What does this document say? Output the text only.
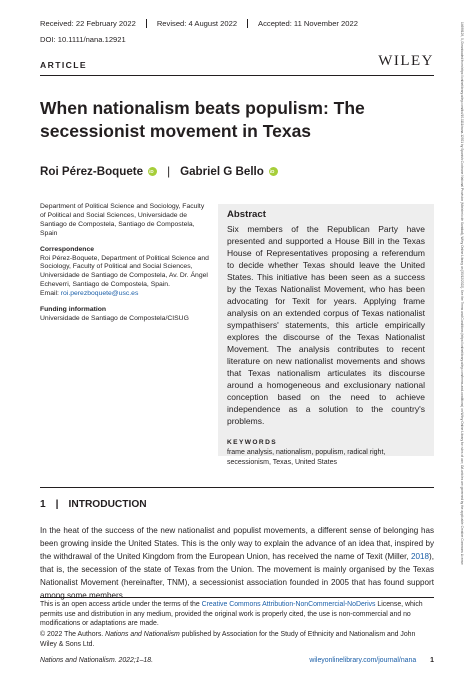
Received: 22 February 2022	Revised: 4 August 2022	Accepted: 11 November 2022
DOI: 10.1111/nana.12921
ARTICLE	WILEY
When nationalism beats populism: The secessionist movement in Texas
Roi Pérez-Boquete
iD | Gabriel G Bello
iD

Department of Political Science and Sociology, Faculty of Political and Social Sciences, Universidade de Santiago de Compostela, Santiago de Compostela, Spain

Correspondence

Roi Pérez-Boquete, Department of Political Science and Sociology, Faculty of Political and Social Sciences, Universidade de Santiago de Compostela, Av. Dr. Ángel Echeverri, Santiago de Compostela, Spain.

Email: roi.perezboquete@usc.es

Funding information

Universidade de Santiago de Compostela/CISUG

Abstract

Six members of the Republican Party have presented and supported a House Bill in the Texas House of Representatives proposing a referendum to decide whether Texas should leave the United States. This initiative has been seen as a success by the Texas Nationalist Movement, who has been advocating for Texit for years. Applying frame analysis on an extended corpus of Texas nationalist sympathisers' statements, this article empirically explores the discourse of the Texas Nationalist Movement. The analysis contributes to recent literature on new nationalist movements and shows that Texas nationalism articulates its discourse around a homogeneous and exclusionary national conception based on the need to achieve independence as a solution to the country's problems.

KEYWORDS

frame analysis, nationalism, populism, radical right, secessionism, Texas, United States

1 | INTRODUCTION

In the heat of the success of the new nationalist and populist movements, a different sense of belonging has been growing inside the United States. This is the only way to explain the advance of an idea that, inspired by the withdrawal of the United Kingdom from the European Union, has received the name of Texit (Miller, 2018), that is, the secession of the state of Texas from the Union. The movement is mainly organised by the Texas Nationalist Movement (hereinafter, TNM), a secessionist association founded in 2005 that has found support among some members

This is an open access article under the terms of the Creative Commons Attribution-NonCommercial-NoDerivs License, which permits use and distribution in any medium, provided the original work is properly cited, the use is non-commercial and no modifications or adaptations are made.

© 2022 The Authors. Nations and Nationalism published by Association for the Study of Ethnicity and Nationalism and John Wiley & Sons Ltd.

Nations and Nationalism. 2022;1–18.	wileyonlinelibrary.com/journal/nana 1
14698129, 0, Downloaded from https://onlinelibrary.wiley.com/doi/10.1111/nana.12921 by Spanish Cochrane National Provision (Ministerio de Sanidad), Wiley Online Library on [30/12/2022]. See the Terms and Conditions (https://onlinelibrary.wiley.com/terms-and-conditions) on Wiley Online Library for rules of use; OA articles are governed by the applicable Creative Commons License
